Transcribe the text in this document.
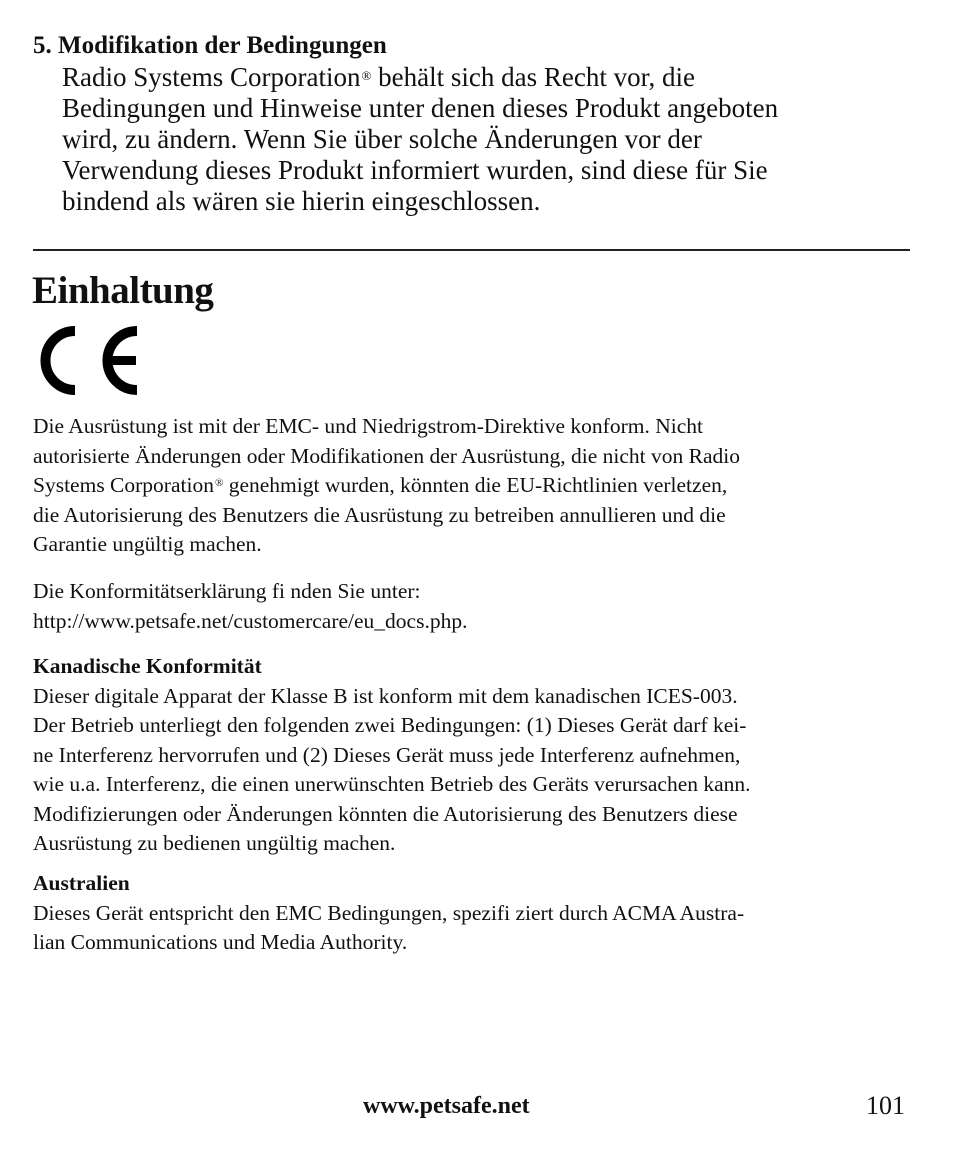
5. Modifikation der Bedingungen
Radio Systems Corporation® behält sich das Recht vor, die
Bedingungen und Hinweise unter denen dieses Produkt angeboten
wird, zu ändern. Wenn Sie über solche Änderungen vor der
Verwendung dieses Produkt informiert wurden, sind diese für Sie
bindend als wären sie hierin eingeschlossen.
Einhaltung
Die Ausrüstung ist mit der EMC- und Niedrigstrom-Direktive konform. Nicht
autorisierte Änderungen oder Modifikationen der Ausrüstung, die nicht von Radio
Systems Corporation® genehmigt wurden, könnten die EU-Richtlinien verletzen,
die Autorisierung des Benutzers die Ausrüstung zu betreiben annullieren und die
Garantie ungültig machen.
Die Konformitätserklärung fi nden Sie unter:
http://www.petsafe.net/customercare/eu_docs.php.
Kanadische Konformität
Dieser digitale Apparat der Klasse B ist konform mit dem kanadischen ICES-003.
Der Betrieb unterliegt den folgenden zwei Bedingungen: (1) Dieses Gerät darf kei-
ne Interferenz hervorrufen und (2) Dieses Gerät muss jede Interferenz aufnehmen,
wie u.a. Interferenz, die einen unerwünschten Betrieb des Geräts verursachen kann.
Modifizierungen oder Änderungen könnten die Autorisierung des Benutzers diese
Ausrüstung zu bedienen ungültig machen.
Australien
Dieses Gerät entspricht den EMC Bedingungen, spezifi ziert durch ACMA Austra-
lian Communications und Media Authority.
www.petsafe.net	101
